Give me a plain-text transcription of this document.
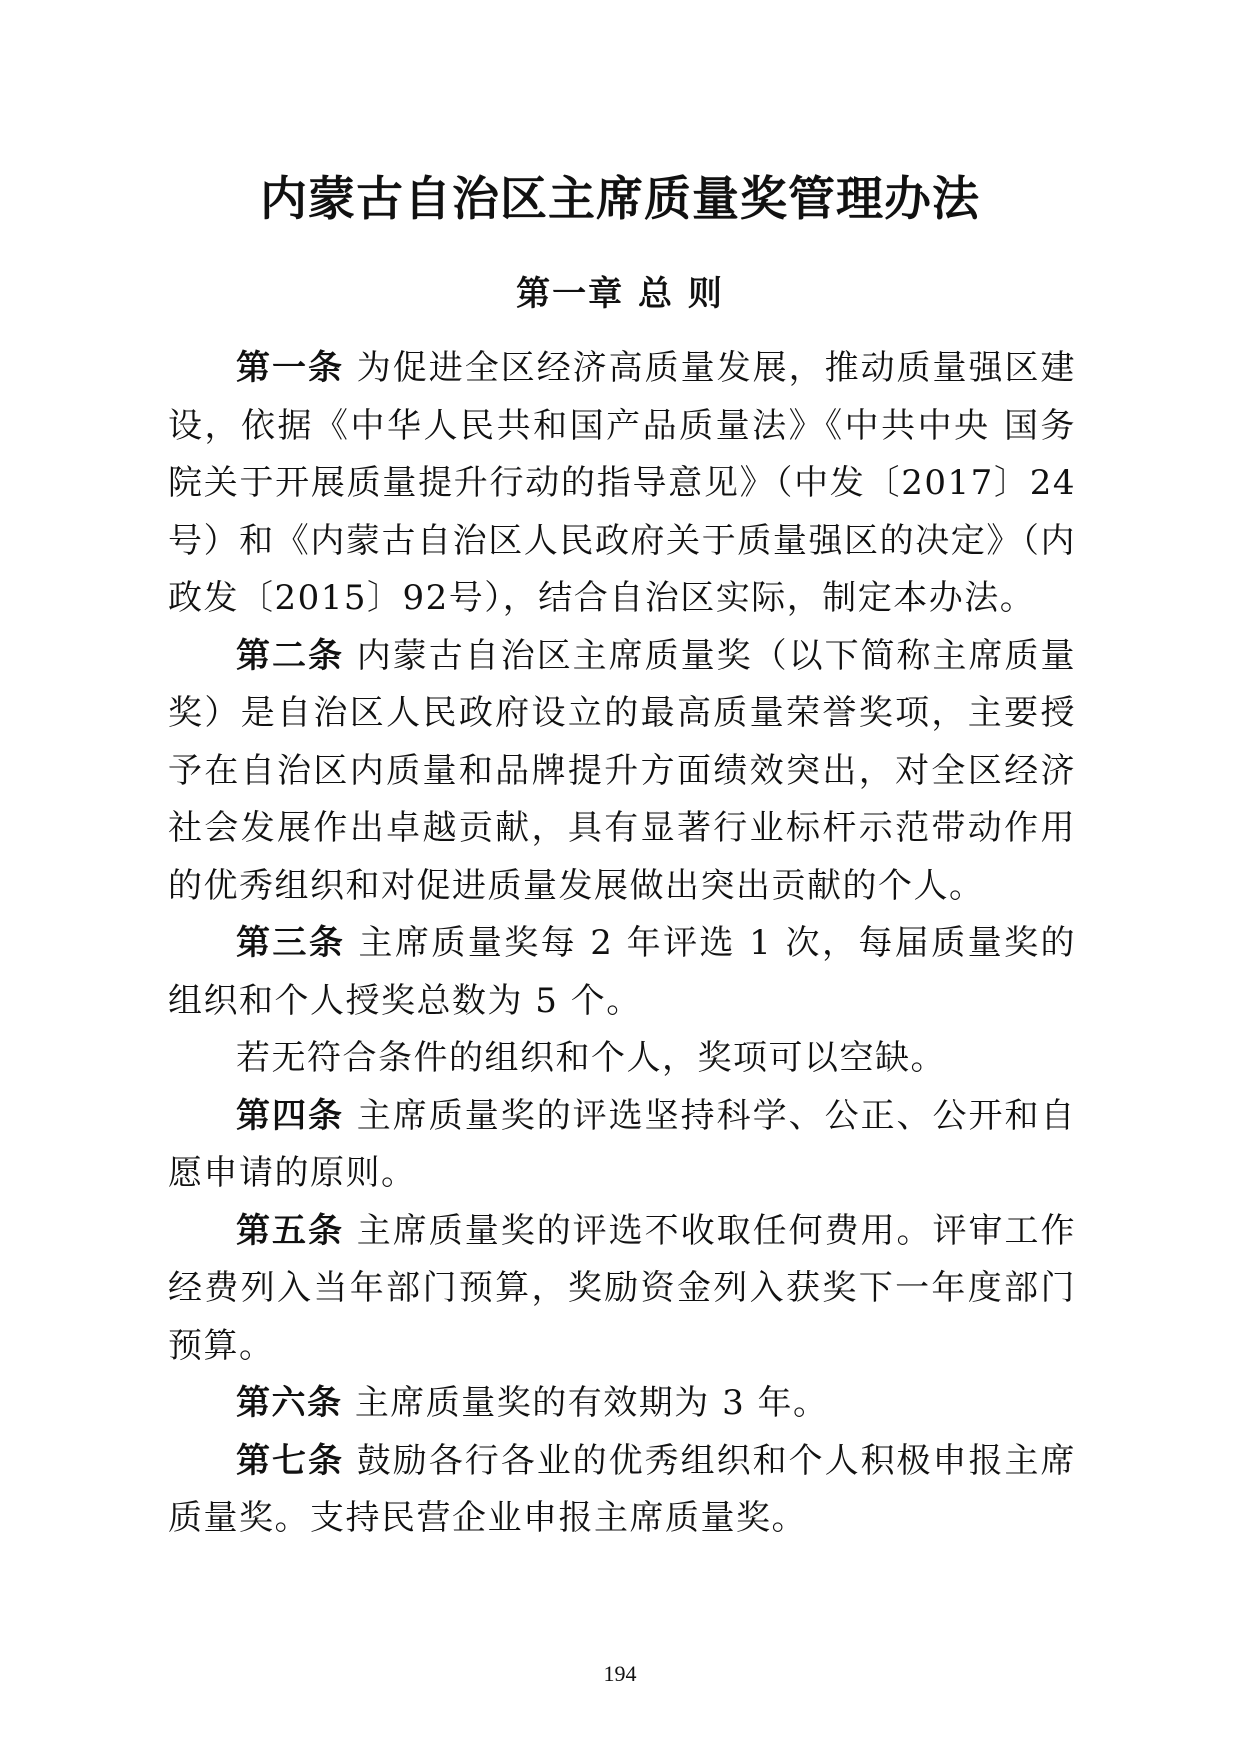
内蒙古自治区主席质量奖管理办法
第一章 总 则

第一条 为促进全区经济高质量发展，推动质量强区建设，依据《中华人民共和国产品质量法》《中共中央 国务院关于开展质量提升行动的指导意见》（中发〔2017〕24号）和《内蒙古自治区人民政府关于质量强区的决定》（内政发〔2015〕92号），结合自治区实际，制定本办法。

第二条 内蒙古自治区主席质量奖（以下简称主席质量奖）是自治区人民政府设立的最高质量荣誉奖项，主要授予在自治区内质量和品牌提升方面绩效突出，对全区经济社会发展作出卓越贡献，具有显著行业标杆示范带动作用的优秀组织和对促进质量发展做出突出贡献的个人。

第三条 主席质量奖每 2 年评选 1 次，每届质量奖的组织和个人授奖总数为 5 个。

若无符合条件的组织和个人，奖项可以空缺。

第四条 主席质量奖的评选坚持科学、公正、公开和自愿申请的原则。

第五条 主席质量奖的评选不收取任何费用。评审工作经费列入当年部门预算，奖励资金列入获奖下一年度部门预算。

第六条 主席质量奖的有效期为 3 年。

第七条 鼓励各行各业的优秀组织和个人积极申报主席质量奖。支持民营企业申报主席质量奖。

194
